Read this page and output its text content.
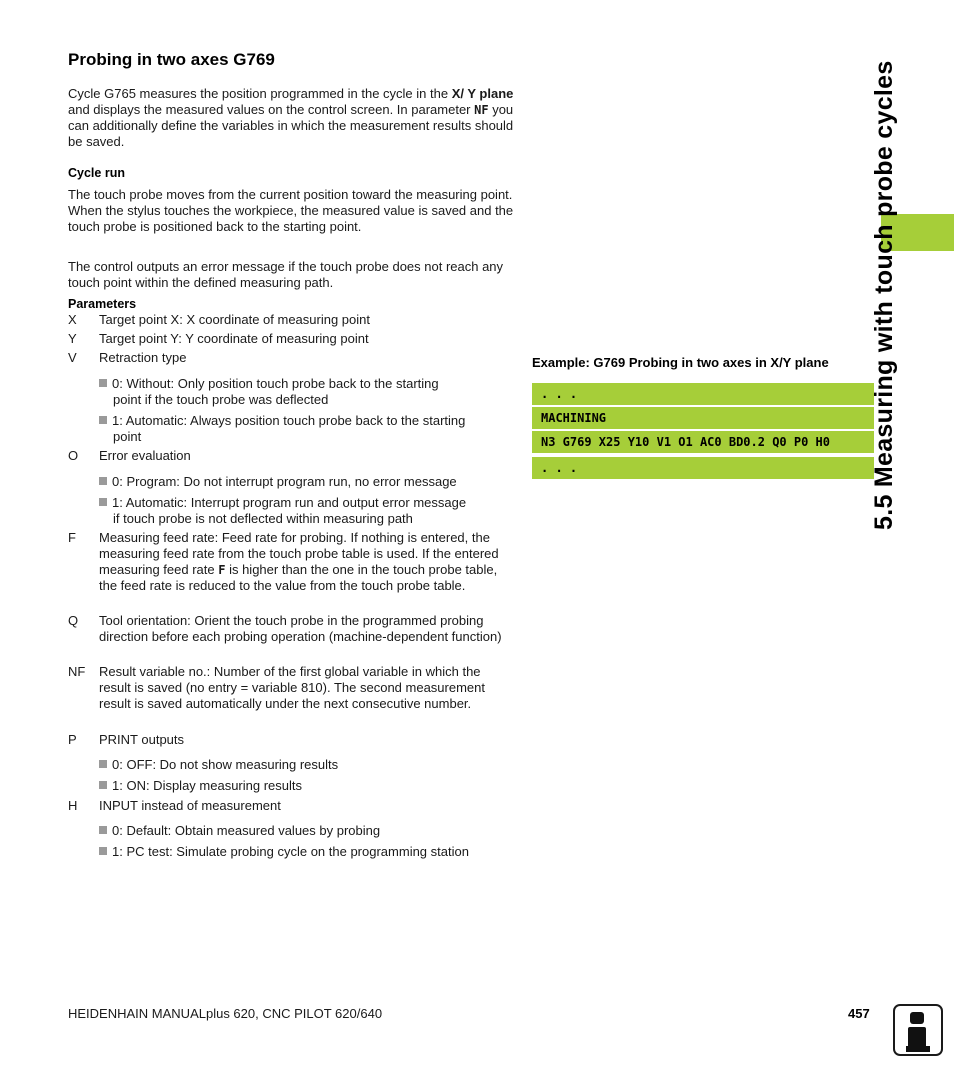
Probing in two axes G769

Cycle G765 measures the position programmed in the cycle in the X/ Y plane and displays the measured values on the control screen. In parameter NF you can additionally define the variables in which the measurement results should be saved.

Cycle run

The touch probe moves from the current position toward the measuring point. When the stylus touches the workpiece, the measured value is saved and the touch probe is positioned back to the starting point.

The control outputs an error message if the touch probe does not reach any touch point within the defined measuring path.

Parameters
X Target point X: X coordinate of measuring point
Y Target point Y: Y coordinate of measuring point
V Retraction type
0: Without: Only position touch probe back to the starting
point if the touch probe was deflected
1: Automatic: Always position touch probe back to the starting
point
O Error evaluation
0: Program: Do not interrupt program run, no error message
1: Automatic: Interrupt program run and output error message
if touch probe is not deflected within measuring path
F Measuring feed rate: Feed rate for probing. If nothing is entered, the measuring feed rate from the touch probe table is used. If the entered measuring feed rate F is higher than the one in the touch probe table, the feed rate is reduced to the value from the touch probe table.
Q Tool orientation: Orient the touch probe in the programmed probing direction before each probing operation (machine-dependent function)
NF Result variable no.: Number of the first global variable in which the result is saved (no entry = variable 810). The second measurement result is saved automatically under the next consecutive number.
P PRINT outputs
0: OFF: Do not show measuring results
1: ON: Display measuring results
H INPUT instead of measurement
0: Default: Obtain measured values by probing
1: PC test: Simulate probing cycle on the programming station
Example: G769 Probing in two axes in X/Y plane
. . .
MACHINING
N3 G769 X25 Y10 V1 O1 AC0 BD0.2 Q0 P0 H0
. . .	5.5 Measuring with touch probe cycles
HEIDENHAIN MANUALplus 620, CNC PILOT 620/640	457
